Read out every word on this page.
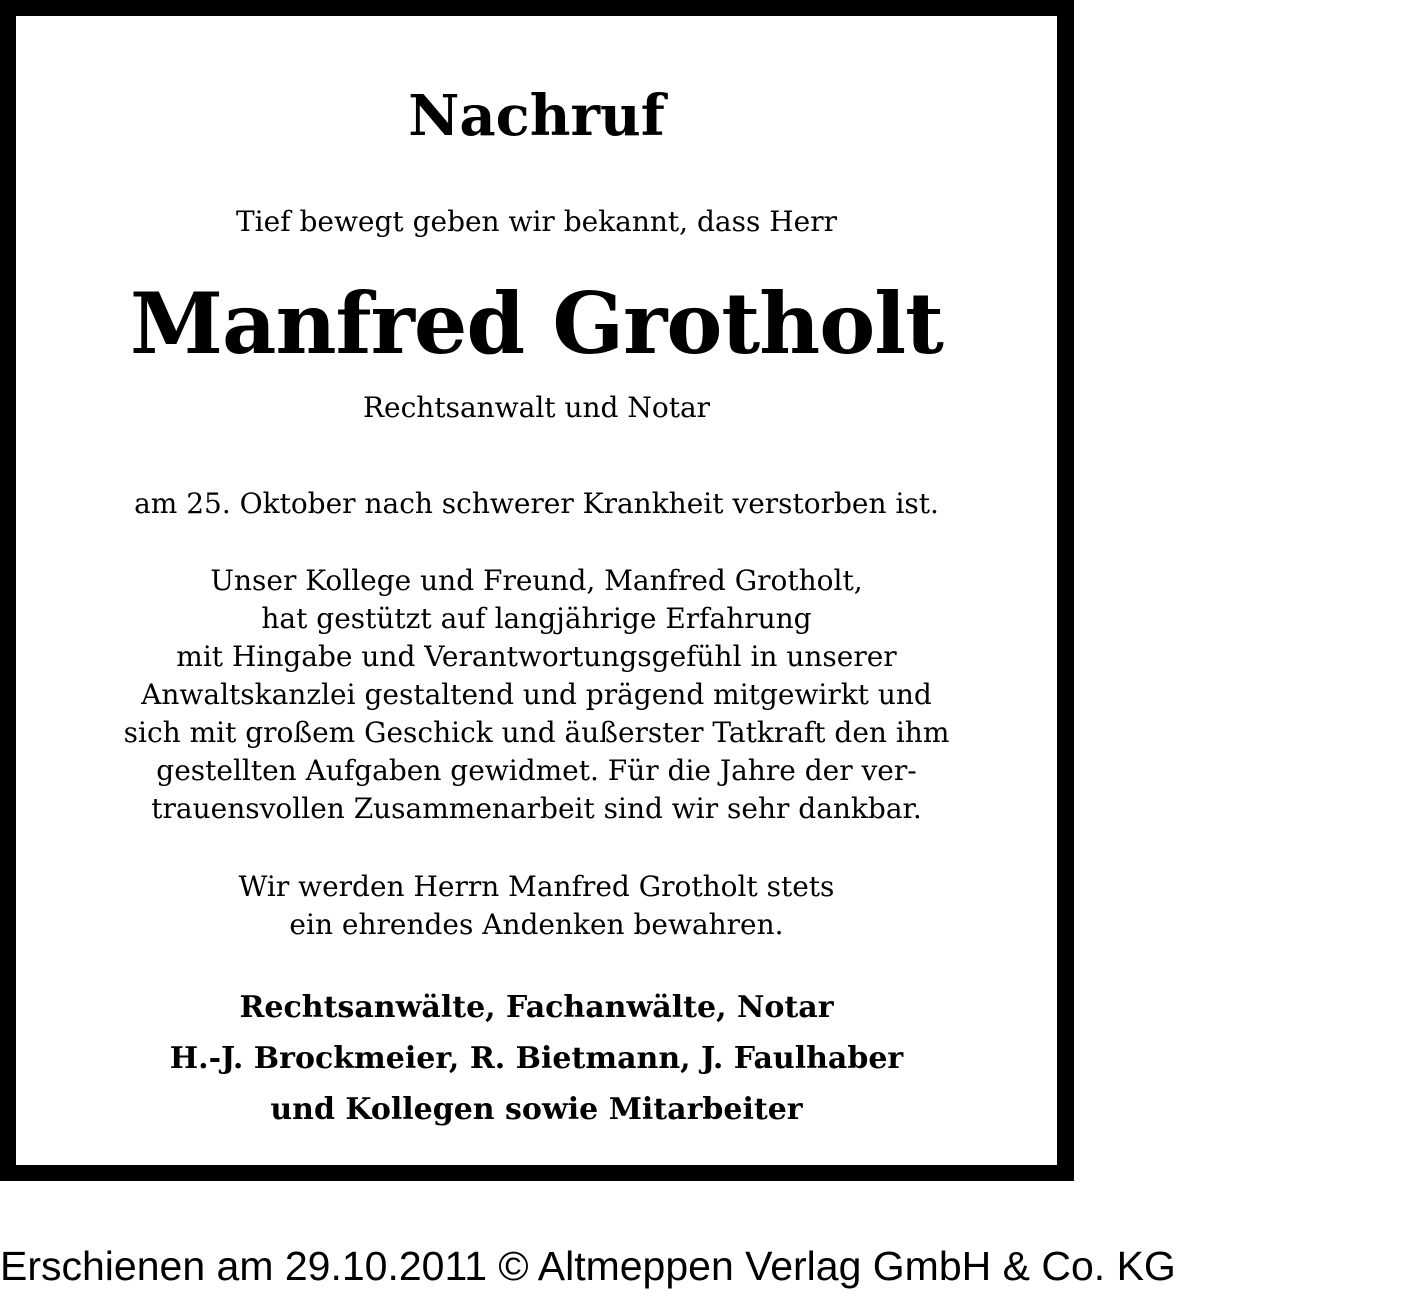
Nachruf
Tief bewegt geben wir bekannt, dass Herr
Manfred Grotholt
Rechtsanwalt und Notar
am 25. Oktober nach schwerer Krankheit verstorben ist.
Unser Kollege und Freund, Manfred Grotholt,
hat gestützt auf langjährige Erfahrung
mit Hingabe und Verantwortungsgefühl in unserer
Anwaltskanzlei gestaltend und prägend mitgewirkt und
sich mit großem Geschick und äußerster Tatkraft den ihm
gestellten Aufgaben gewidmet. Für die Jahre der ver-
trauensvollen Zusammenarbeit sind wir sehr dankbar.
Wir werden Herrn Manfred Grotholt stets
ein ehrendes Andenken bewahren.
Rechtsanwälte, Fachanwälte, Notar
H.-J. Brockmeier, R. Bietmann, J. Faulhaber
und Kollegen sowie Mitarbeiter
Erschienen am 29.10.2011 © Altmeppen Verlag GmbH & Co. KG
